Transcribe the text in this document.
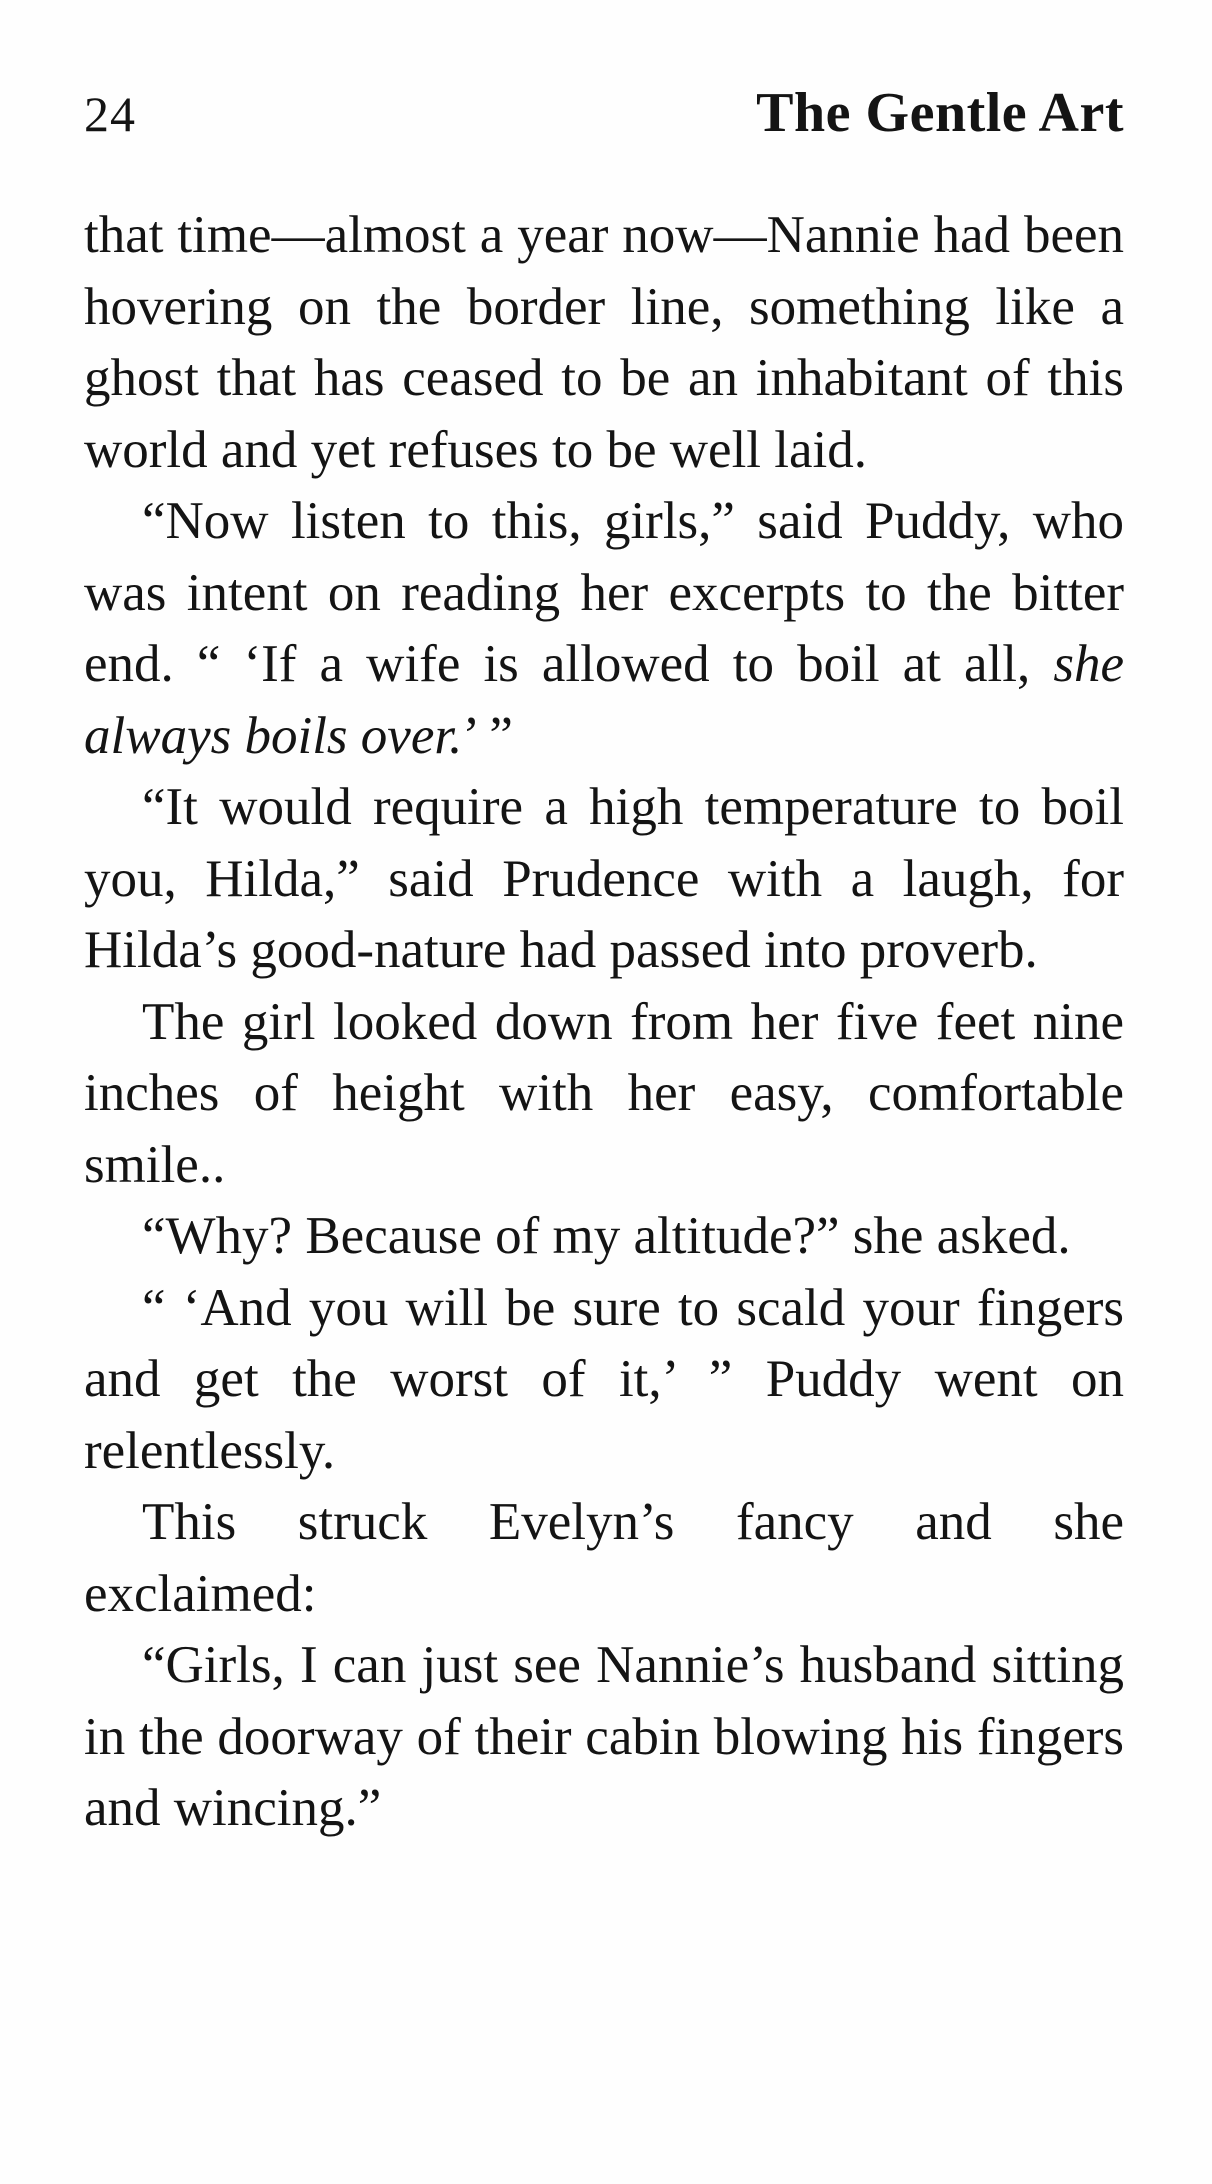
24	The Gentle Art

that time—almost a year now—Nannie had been hovering on the border line, something like a ghost that has ceased to be an inhabitant of this world and yet refuses to be well laid.

“Now listen to this, girls,” said Puddy, who was intent on reading her excerpts to the bitter end. “ ‘If a wife is allowed to boil at all, she always boils over.’ ”

“It would require a high temperature to boil you, Hilda,” said Prudence with a laugh, for Hilda’s good-nature had passed into proverb.

The girl looked down from her five feet nine inches of height with her easy, comfortable smile..

“Why? Because of my altitude?” she asked.

“ ‘And you will be sure to scald your fingers and get the worst of it,’ ” Puddy went on relentlessly.

This struck Evelyn’s fancy and she exclaimed:

“Girls, I can just see Nannie’s husband sitting in the doorway of their cabin blowing his fingers and wincing.”
